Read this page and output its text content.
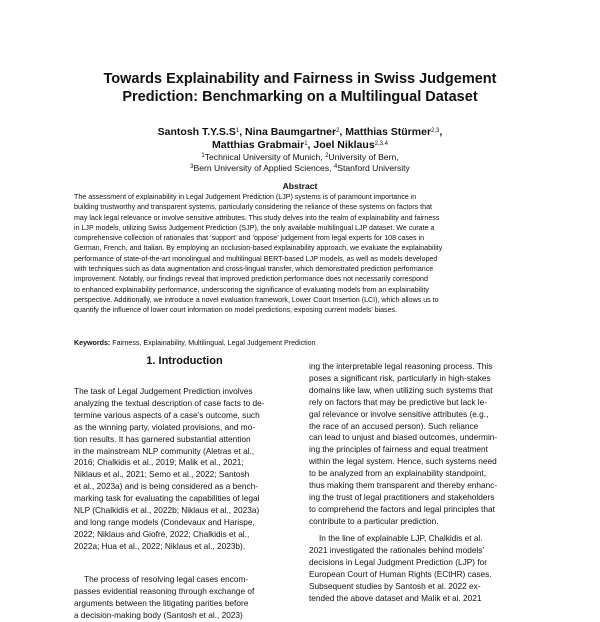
Towards Explainability and Fairness in Swiss Judgement
Prediction: Benchmarking on a Multilingual Dataset
Santosh $T.Y.S.S^1$, Nina Baumgartner$^2$, Matthias Stürmer$^{2,3}$,
Matthias Grabmair$^1$, Joel Niklaus$^{2,3,4}$
$^1$Technical University of Munich, $^2$University of Bern,
$^3$Bern University of Applied Sciences, $^4$Stanford University
Abstract
The assessment of explainability in Legal Judgement Prediction (LJP) systems is of paramount importance in
building trustworthy and transparent systems, particularly considering the reliance of these systems on factors that
may lack legal relevance or involve sensitive attributes. This study delves into the realm of explainability and fairness
in LJP models, utilizing Swiss Judgement Prediction (SJP), the only available multilingual LJP dataset. We curate a
comprehensive collection of rationales that ‘support’ and ‘oppose’ judgement from legal experts for 108 cases in
German, French, and Italian. By employing an occlusion-based explainability approach, we evaluate the explainability
performance of state-of-the-art monolingual and multilingual BERT-based LJP models, as well as models developed
with techniques such as data augmentation and cross-lingual transfer, which demonstrated prediction performance
improvement. Notably, our findings reveal that improved prediction performance does not necessarily correspond
to enhanced explainability performance, underscoring the significance of evaluating models from an explainability
perspective. Additionally, we introduce a novel evaluation framework, Lower Court Insertion (LCI), which allows us to
quantify the influence of lower court information on model predictions, exposing current models’ biases.
Keywords: Fairness, Explainability, Multilingual, Legal Judgement Prediction
1. Introduction
The task of Legal Judgement Prediction involves
analyzing the textual description of case facts to de-
termine various aspects of a case’s outcome, such
as the winning party, violated provisions, and mo-
tion results. It has garnered substantial attention
in the mainstream NLP community (Aletras et al.,
2016; Chalkidis et al., 2019; Malik et al., 2021;
Niklaus et al., 2021; Semo et al., 2022; Santosh
et al., 2023a) and is being considered as a bench-
marking task for evaluating the capabilities of legal
NLP (Chalkidis et al., 2022b; Niklaus et al., 2023a)
and long range models (Condevaux and Harispe,
2022; Niklaus and Giofré, 2022; Chalkidis et al.,
2022a; Hua et al., 2022; Niklaus et al., 2023b).
The process of resolving legal cases encom-
passes evidential reasoning through exchange of
arguments between the litigating parities before
a decision-making body (Santosh et al., 2023)
ing the interpretable legal reasoning process. This
poses a significant risk, particularly in high-stakes
domains like law, when utilizing such systems that
rely on factors that may be predictive but lack le-
gal relevance or involve sensitive attributes (e.g.,
the race of an accused person). Such reliance
can lead to unjust and biased outcomes, undermin-
ing the principles of fairness and equal treatment
within the legal system. Hence, such systems need
to be analyzed from an explainability standpoint,
thus making them transparent and thereby enhanc-
ing the trust of legal practitioners and stakeholders
to comprehend the factors and legal principles that
contribute to a particular prediction.
In the line of explainable LJP, Chalkidis et al.
2021 investigated the rationales behind models’
decisions in Legal Judgment Prediction (LJP) for
European Court of Human Rights (ECtHR) cases.
Subsequent studies by Santosh et al. 2022 ex-
tended the above dataset and Malik et al. 2021
